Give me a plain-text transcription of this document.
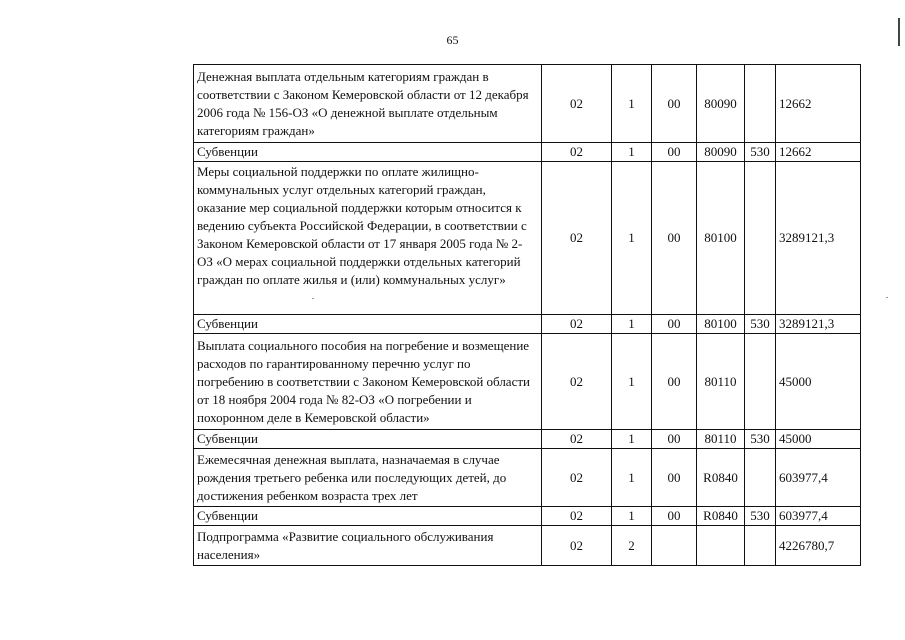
65
Денежная выплата отдельным категориям граждан в соответствии с Законом Кемеровской области от 12 декабря 2006 года № 156-ОЗ «О денежной выплате отдельным категориям граждан»	02	1	00	80090		12662
Субвенции	02	1	00	80090	530	12662
Меры социальной поддержки по оплате жилищно-коммунальных услуг отдельных категорий граждан, оказание мер социальной поддержки которым относится к ведению субъекта Российской Федерации, в соответствии с Законом Кемеровской области от 17 января 2005 года № 2-ОЗ «О мерах социальной поддержки отдельных категорий граждан по оплате жилья и (или) коммунальных услуг»	02	1	00	80100		3289121,3
Субвенции	02	1	00	80100	530	3289121,3
Выплата социального пособия на погребение и возмещение расходов по гарантированному перечню услуг по погребению в соответствии с Законом Кемеровской области от 18 ноября 2004 года № 82-ОЗ «О погребении и похоронном деле в Кемеровской области»	02	1	00	80110		45000
Субвенции	02	1	00	80110	530	45000
Ежемесячная денежная выплата, назначаемая в случае рождения третьего ребенка или последующих детей, до достижения ребенком возраста трех лет	02	1	00	R0840		603977,4
Субвенции	02	1	00	R0840	530	603977,4
Подпрограмма «Развитие социального обслуживания населения»	02	2				4226780,7
